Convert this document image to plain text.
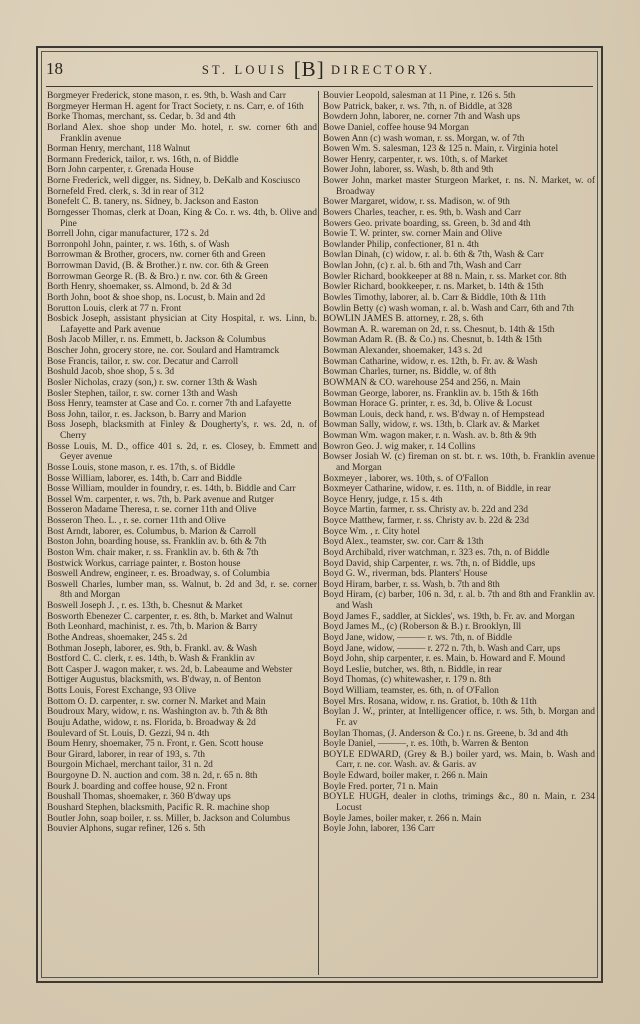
18	ST. LOUIS [B] DIRECTORY.
Borgmeyer Frederick, stone mason, r. es. 9th, b. Wash and Carr
Borgmeyer Herman H. agent for Tract Society, r. ns. Carr, e. of 16th
Borke Thomas, merchant, ss. Cedar, b. 3d and 4th
Borland Alex. shoe shop under Mo. hotel, r. sw. corner 6th and Franklin avenue
Borman Henry, merchant, 118 Walnut
Bormann Frederick, tailor, r. ws. 16th, n. of Biddle
Born John carpenter, r. Grenada House
Borne Frederick, well digger, ns. Sidney, b. DeKalb and Kosciusco
Bornefeld Fred. clerk, s. 3d in rear of 312
Bonefelt C. B. tanery, ns. Sidney, b. Jackson and Easton
Borngesser Thomas, clerk at Doan, King & Co. r. ws. 4th, b. Olive and Pine
Borrell John, cigar manufacturer, 172 s. 2d
Borronpohl John, painter, r. ws. 16th, s. of Wash
Borrowman & Brother, grocers, nw. corner 6th and Green
Borrowman David, (B. & Brother.) r. nw. cor. 6th & Green
Borrowman George R. (B. & Bro.) r. nw. cor. 6th & Green
Borth Henry, shoemaker, ss. Almond, b. 2d & 3d
Borth John, boot & shoe shop, ns. Locust, b. Main and 2d
Borutton Louis, clerk at 77 n. Front
Bosbick Joseph, assistant physician at City Hospital, r. ws. Linn, b. Lafayette and Park avenue
Bosh Jacob Miller, r. ns. Emmett, b. Jackson & Columbus
Boscher John, grocery store, ne. cor. Soulard and Hamtramck
Bose Francis, tailor, r. sw. cor. Decatur and Carroll
Boshuld Jacob, shoe shop, 5 s. 3d
Bosler Nicholas, crazy (son,) r. sw. corner 13th & Wash
Bosler Stephen, tailor, r. sw. corner 13th and Wash
Boss Henry, teamster at Case and Co. r. corner 7th and Lafayette
Boss John, tailor, r. es. Jackson, b. Barry and Marion
Boss Joseph, blacksmith at Finley & Dougherty's, r. ws. 2d, n. of Cherry
Bosse Louis, M. D., office 401 s. 2d, r. es. Closey, b. Emmett and Geyer avenue
Bosse Louis, stone mason, r. es. 17th, s. of Biddle
Bosse William, laborer, es. 14th, b. Carr and Biddle
Bosse William, moulder in foundry, r. es. 14th, b. Biddle and Carr
Bossel Wm. carpenter, r. ws. 7th, b. Park avenue and Rutger
Bosseron Madame Theresa, r. se. corner 11th and Olive
Bosseron Theo. L. , r. se. corner 11th and Olive
Bost Arndt, laborer, es. Columbus, b. Marion & Carroll
Boston John, boarding house, ss. Franklin av. b. 6th & 7th
Boston Wm. chair maker, r. ss. Franklin av. b. 6th & 7th
Bostwick Workus, carriage painter, r. Boston house
Boswell Andrew, engineer, r. es. Broadway, s. of Columbia
Boswell Charles, lumber man, ss. Walnut, b. 2d and 3d, r. se. corner 8th and Morgan
Boswell Joseph J. , r. es. 13th, b. Chesnut & Market
Bosworth Ebenezer C. carpenter, r. es. 8th, b. Market and Walnut
Both Leonhard, machinist, r. es. 7th, b. Marion & Barry
Bothe Andreas, shoemaker, 245 s. 2d
Bothman Joseph, laborer, es. 9th, b. Frankl. av. & Wash
Bostford C. C. clerk, r. es. 14th, b. Wash & Franklin av
Bott Casper J. wagon maker, r. ws. 2d, b. Labeaume and Webster
Bottiger Augustus, blacksmith, ws. B'dway, n. of Benton
Botts Louis, Forest Exchange, 93 Olive
Bottom O. D. carpenter, r. sw. corner N. Market and Main
Boudroux Mary, widow, r. ns. Washington av. b. 7th & 8th
Bouju Adathe, widow, r. ns. Florida, b. Broadway & 2d
Boulevard of St. Louis, D. Gezzi, 94 n. 4th
Boum Henry, shoemaker, 75 n. Front, r. Gen. Scott house
Bour Girard, laborer, in rear of 193, s. 7th
Bourgoin Michael, merchant tailor, 31 n. 2d
Bourgoyne D. N. auction and com. 38 n. 2d, r. 65 n. 8th
Bourk J. boarding and coffee house, 92 n. Front
Boushall Thomas, shoemaker, r. 360 B'dway ups
Boushard Stephen, blacksmith, Pacific R. R. machine shop
Boutler John, soap boiler, r. ss. Miller, b. Jackson and Columbus
Bouvier Alphons, sugar refiner, 126 s. 5th
Bouvier Leopold, salesman at 11 Pine, r. 126 s. 5th
Bow Patrick, baker, r. ws. 7th, n. of Biddle, at 328
Bowdern John, laborer, ne. corner 7th and Wash ups
Bowe Daniel, coffee house 94 Morgan
Bowen Ann (c) wash woman, r. ss. Morgan, w. of 7th
Bowen Wm. S. salesman, 123 & 125 n. Main, r. Virginia hotel
Bower Henry, carpenter, r. ws. 10th, s. of Market
Bower John, laborer, ss. Wash, b. 8th and 9th
Bower John, market master Sturgeon Market, r. ns. N. Market, w. of Broadway
Bower Margaret, widow, r. ss. Madison, w. of 9th
Bowers Charles, teacher, r. es. 9th, b. Wash and Carr
Bowers Geo. private boarding, ss. Green, b. 3d and 4th
Bowie T. W. printer, sw. corner Main and Olive
Bowlander Philip, confectioner, 81 n. 4th
Bowlan Dinah, (c) widow, r. al. b. 6th & 7th, Wash & Carr
Bowlan John, (c) r. al. b. 6th and 7th, Wash and Carr
Bowler Richard, bookkeeper at 88 n. Main, r. ss. Market cor. 8th
Bowler Richard, bookkeeper, r. ns. Market, b. 14th & 15th
Bowles Timothy, laborer, al. b. Carr & Biddle, 10th & 11th
Bowlin Betty (c) wash woman, r. al. b. Wash and Carr, 6th and 7th
BOWLIN JAMES B. attorney, r. 28, s. 6th
Bowman A. R. wareman on 2d, r. ss. Chesnut, b. 14th & 15th
Bowman Adam R. (B. & Co.) ns. Chesnut, b. 14th & 15th
Bowman Alexander, shoemaker, 143 s. 2d
Bowman Catharine, widow, r. es. 12th, b. Fr. av. & Wash
Bowman Charles, turner, ns. Biddle, w. of 8th
BOWMAN & CO. warehouse 254 and 256, n. Main
Bowman George, laborer, ns. Franklin av. b. 15th & 16th
Bowman Horace G. printer, r. es. 3d, b. Olive & Locust
Bowman Louis, deck hand, r. ws. B'dway n. of Hempstead
Bowman Sally, widow, r. ws. 13th, b. Clark av. & Market
Bowman Wm. wagon maker, r. n. Wash. av. b. 8th & 9th
Bowron Geo. J. wig maker, r. 14 Collins
Bowser Josiah W. (c) fireman on st. bt. r. ws. 10th, b. Franklin avenue and Morgan
Boxmeyer , laborer, ws. 10th, s. of O'Fallon
Boxmeyer Catharine, widow, r. es. 11th, n. of Biddle, in rear
Boyce Henry, judge, r. 15 s. 4th
Boyce Martin, farmer, r. ss. Christy av. b. 22d and 23d
Boyce Matthew, farmer, r. ss. Christy av. b. 22d & 23d
Boyce Wm. , r. City hotel
Boyd Alex., teamster, sw. cor. Carr & 13th
Boyd Archibald, river watchman, r. 323 es. 7th, n. of Biddle
Boyd David, ship Carpenter, r. ws. 7th, n. of Biddle, ups
Boyd G. W., riverman, bds. Planters' House
Boyd Hiram, barber, r. ss. Wash, b. 7th and 8th
Boyd Hiram, (c) barber, 106 n. 3d, r. al. b. 7th and 8th and Franklin av. and Wash
Boyd James F., saddler, at Sickles', ws. 19th, b. Fr. av. and Morgan
Boyd James M., (c) (Roberson & B.) r. Brooklyn, Ill
Boyd Jane, widow, ——— r. ws. 7th, n. of Biddle
Boyd Jane, widow, ——— r. 272 n. 7th, b. Wash and Carr, ups
Boyd John, ship carpenter, r. es. Main, b. Howard and F. Mound
Boyd Leslie, butcher, ws. 8th, n. Biddle, in rear
Boyd Thomas, (c) whitewasher, r. 179 n. 8th
Boyd William, teamster, es. 6th, n. of O'Fallon
Boyel Mrs. Rosana, widow, r. ns. Gratiot, b. 10th & 11th
Boylan J. W., printer, at Intelligencer office, r. ws. 5th, b. Morgan and Fr. av
Boylan Thomas, (J. Anderson & Co.) r. ns. Greene, b. 3d and 4th
Boyle Daniel, ———, r. es. 10th, b. Warren & Benton
BOYLE EDWARD, (Grey & B.) boiler yard, ws. Main, b. Wash and Carr, r. ne. cor. Wash. av. & Garis. av
Boyle Edward, boiler maker, r. 266 n. Main
Boyle Fred. porter, 71 n. Main
BOYLE HUGH, dealer in cloths, trimings &c., 80 n. Main, r. 234 Locust
Boyle James, boiler maker, r. 266 n. Main
Boyle John, laborer, 136 Carr
